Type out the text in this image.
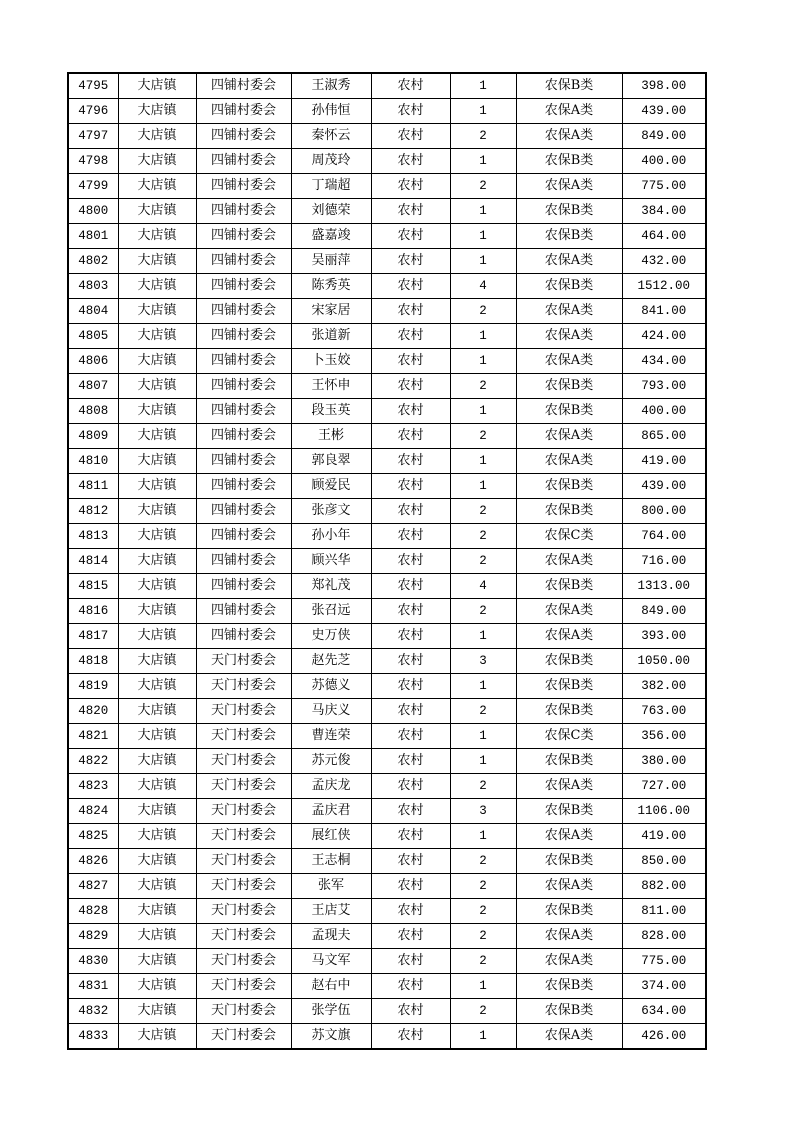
4795	大店镇	四铺村委会	王淑秀	农村	1	农保B类	398.00
4796	大店镇	四铺村委会	孙伟恒	农村	1	农保A类	439.00
4797	大店镇	四铺村委会	秦怀云	农村	2	农保A类	849.00
4798	大店镇	四铺村委会	周茂玲	农村	1	农保B类	400.00
4799	大店镇	四铺村委会	丁瑞超	农村	2	农保A类	775.00
4800	大店镇	四铺村委会	刘德荣	农村	1	农保B类	384.00
4801	大店镇	四铺村委会	盛嘉竣	农村	1	农保B类	464.00
4802	大店镇	四铺村委会	吴丽萍	农村	1	农保A类	432.00
4803	大店镇	四铺村委会	陈秀英	农村	4	农保B类	1512.00
4804	大店镇	四铺村委会	宋家居	农村	2	农保A类	841.00
4805	大店镇	四铺村委会	张道新	农村	1	农保A类	424.00
4806	大店镇	四铺村委会	卜玉姣	农村	1	农保A类	434.00
4807	大店镇	四铺村委会	王怀申	农村	2	农保B类	793.00
4808	大店镇	四铺村委会	段玉英	农村	1	农保B类	400.00
4809	大店镇	四铺村委会	王彬	农村	2	农保A类	865.00
4810	大店镇	四铺村委会	郭良翠	农村	1	农保A类	419.00
4811	大店镇	四铺村委会	顾爱民	农村	1	农保B类	439.00
4812	大店镇	四铺村委会	张彦文	农村	2	农保B类	800.00
4813	大店镇	四铺村委会	孙小年	农村	2	农保C类	764.00
4814	大店镇	四铺村委会	顾兴华	农村	2	农保A类	716.00
4815	大店镇	四铺村委会	郑礼茂	农村	4	农保B类	1313.00
4816	大店镇	四铺村委会	张召远	农村	2	农保A类	849.00
4817	大店镇	四铺村委会	史万侠	农村	1	农保A类	393.00
4818	大店镇	天门村委会	赵先芝	农村	3	农保B类	1050.00
4819	大店镇	天门村委会	苏德义	农村	1	农保B类	382.00
4820	大店镇	天门村委会	马庆义	农村	2	农保B类	763.00
4821	大店镇	天门村委会	曹连荣	农村	1	农保C类	356.00
4822	大店镇	天门村委会	苏元俊	农村	1	农保B类	380.00
4823	大店镇	天门村委会	孟庆龙	农村	2	农保A类	727.00
4824	大店镇	天门村委会	孟庆君	农村	3	农保B类	1106.00
4825	大店镇	天门村委会	展红侠	农村	1	农保A类	419.00
4826	大店镇	天门村委会	王志桐	农村	2	农保B类	850.00
4827	大店镇	天门村委会	张军	农村	2	农保A类	882.00
4828	大店镇	天门村委会	王店艾	农村	2	农保B类	811.00
4829	大店镇	天门村委会	孟现夫	农村	2	农保A类	828.00
4830	大店镇	天门村委会	马文军	农村	2	农保A类	775.00
4831	大店镇	天门村委会	赵右中	农村	1	农保B类	374.00
4832	大店镇	天门村委会	张学伍	农村	2	农保B类	634.00
4833	大店镇	天门村委会	苏文旗	农村	1	农保A类	426.00
